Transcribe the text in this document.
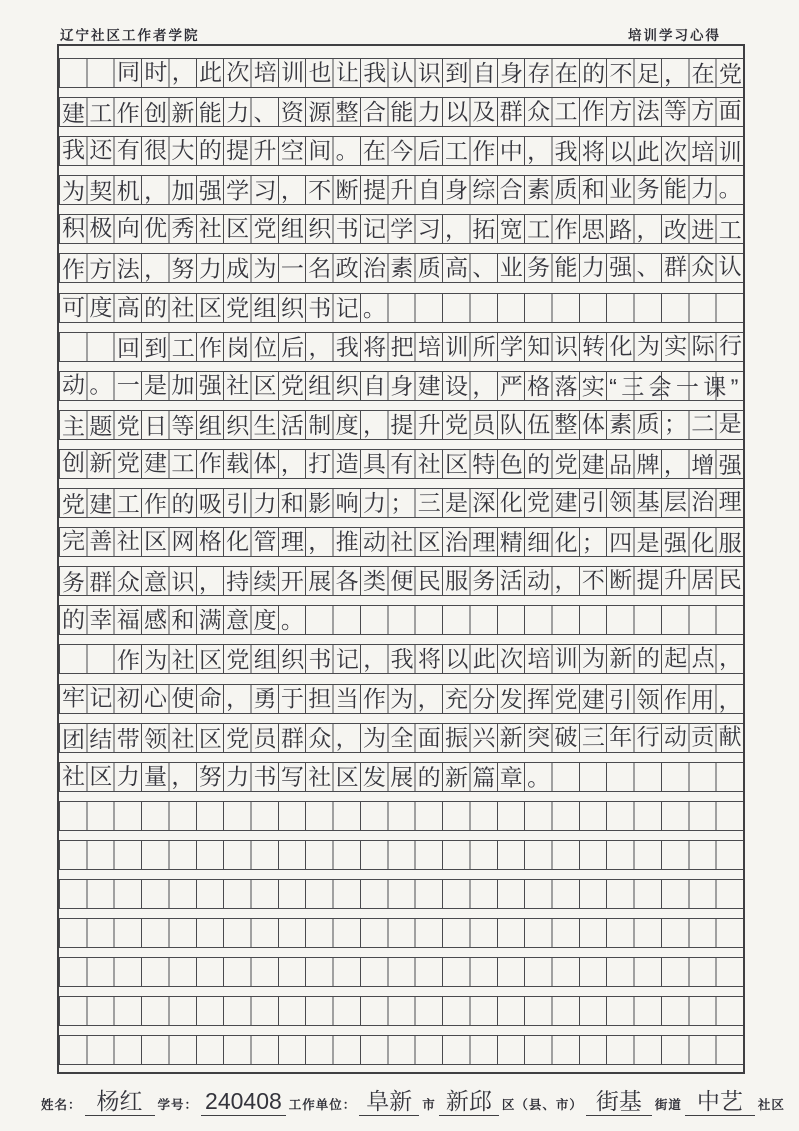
辽宁社区工作者学院	培训学习心得
同时，此次培训也让我认识到自身存在的不足，在党
建工作创新能力、资源整合能力以及群众工作方法等方面
我还有很大的提升空间。在今后工作中，我将以此次培训
为契机，加强学习，不断提升自身综合素质和业务能力。
积极向优秀社区党组织书记学习，拓宽工作思路，改进工
作方法，努力成为一名政治素质高、业务能力强、群众认
可度高的社区党组织书记。
回到工作岗位后，我将把培训所学知识转化为实际行
动。一是加强社区党组织自身建设，严格落实“三会一课”
主题党日等组织生活制度，提升党员队伍整体素质；二是
创新党建工作载体，打造具有社区特色的党建品牌，增强
党建工作的吸引力和影响力；三是深化党建引领基层治理
完善社区网格化管理，推动社区治理精细化；四是强化服
务群众意识，持续开展各类便民服务活动，不断提升居民
的幸福感和满意度。
作为社区党组织书记，我将以此次培训为新的起点，
牢记初心使命，勇于担当作为，充分发挥党建引领作用，
团结带领社区党员群众，为全面振兴新突破三年行动贡献
社区力量，努力书写社区发展的新篇章。
姓名： 杨红	学号： 240408 工作单位： 阜新 市 新邱 区（县、市） 街基	街道 中艺	社区
